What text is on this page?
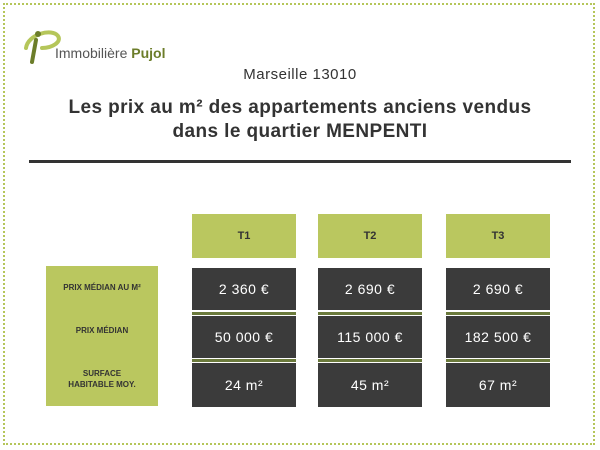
Immobilière Pujol
Marseille 13010
Les prix au m² des appartements anciens vendus
dans le quartier MENPENTI
T1	T2	T3
PRIX MÉDIAN AU M²
PRIX MÉDIAN
SURFACE
HABITABLE MOY.
2 360 €
50 000 €
24 m²
2 690 €
115 000 €
45 m²
2 690 €
182 500 €
67 m²
